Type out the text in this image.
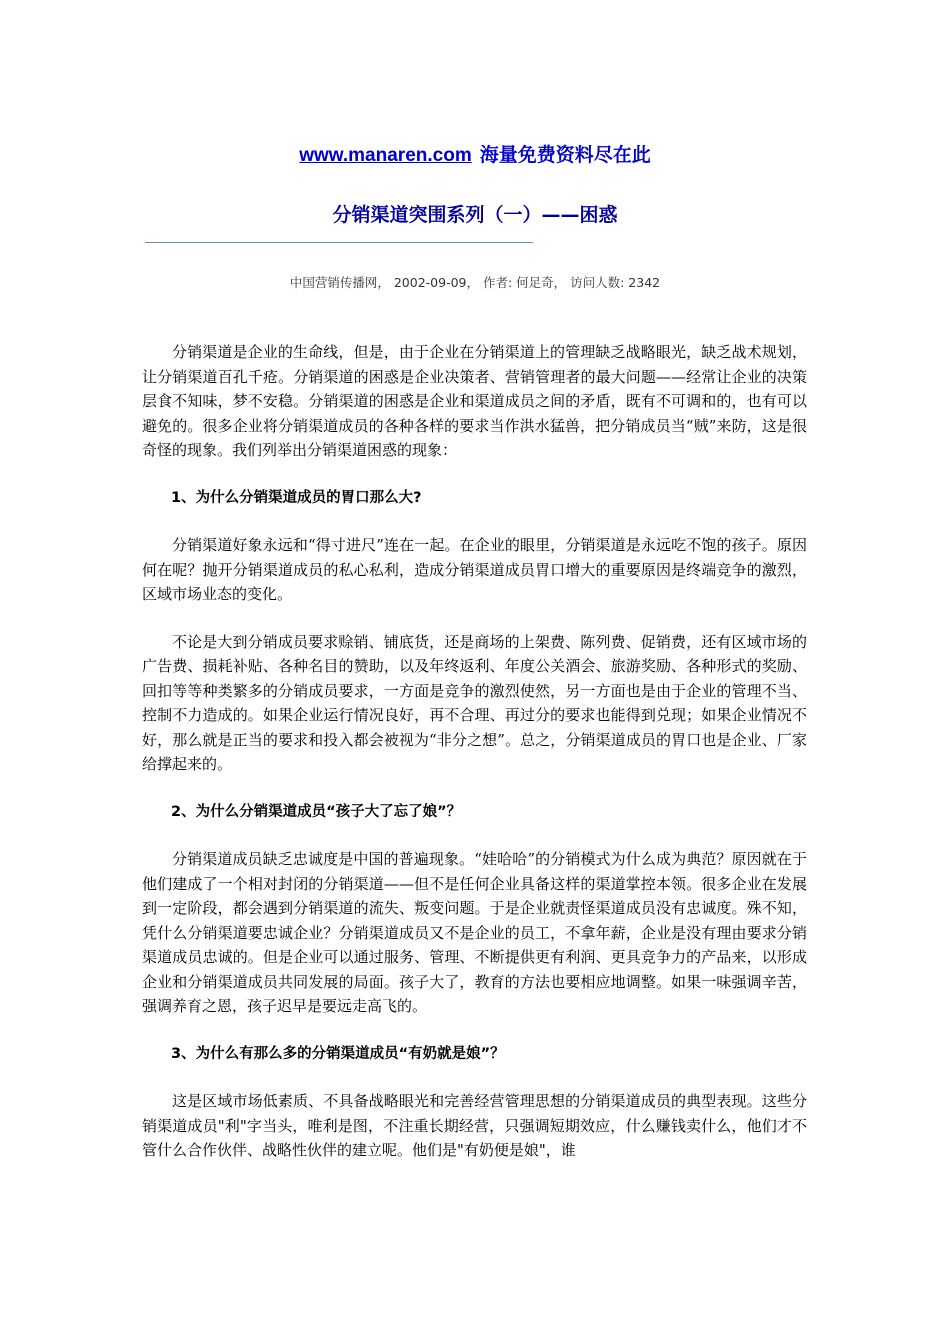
www.manaren.com 海量免费资料尽在此
分销渠道突围系列（一）——困惑
中国营销传播网， 2002-09-09， 作者: 何足奇， 访问人数: 2342

分销渠道是企业的生命线，但是，由于企业在分销渠道上的管理缺乏战略眼光，缺乏战术规划，让分销渠道百孔千疮。分销渠道的困惑是企业决策者、营销管理者的最大问题——经常让企业的决策层食不知味，梦不安稳。分销渠道的困惑是企业和渠道成员之间的矛盾，既有不可调和的，也有可以避免的。很多企业将分销渠道成员的各种各样的要求当作洪水猛兽，把分销成员当“贼”来防，这是很奇怪的现象。我们列举出分销渠道困惑的现象：

1、为什么分销渠道成员的胃口那么大?

分销渠道好象永远和“得寸进尺”连在一起。在企业的眼里，分销渠道是永远吃不饱的孩子。原因何在呢？抛开分销渠道成员的私心私利，造成分销渠道成员胃口增大的重要原因是终端竞争的激烈，区域市场业态的变化。

不论是大到分销成员要求赊销、铺底货，还是商场的上架费、陈列费、促销费，还有区域市场的广告费、损耗补贴、各种名目的赞助，以及年终返利、年度公关酒会、旅游奖励、各种形式的奖励、回扣等等种类繁多的分销成员要求，一方面是竞争的激烈使然，另一方面也是由于企业的管理不当、控制不力造成的。如果企业运行情况良好，再不合理、再过分的要求也能得到兑现；如果企业情况不好，那么就是正当的要求和投入都会被视为“非分之想”。总之，分销渠道成员的胃口也是企业、厂家给撑起来的。

2、为什么分销渠道成员“孩子大了忘了娘”？

分销渠道成员缺乏忠诚度是中国的普遍现象。“娃哈哈”的分销模式为什么成为典范？原因就在于他们建成了一个相对封闭的分销渠道——但不是任何企业具备这样的渠道掌控本领。很多企业在发展到一定阶段，都会遇到分销渠道的流失、叛变问题。于是企业就责怪渠道成员没有忠诚度。殊不知，凭什么分销渠道要忠诚企业？分销渠道成员又不是企业的员工，不拿年薪，企业是没有理由要求分销 渠道成员忠诚的。但是企业可以通过服务、管理、不断提供更有利润、更具竞争力的产品来，以形成企业和分销渠道成员共同发展的局面。孩子大了，教育的方法也要相应地调整。如果一味强调辛苦，强调养育之恩，孩子迟早是要远走高飞的。

3、为什么有那么多的分销渠道成员“有奶就是娘”？

这是区域市场低素质、不具备战略眼光和完善经营管理思想的分销渠道成员的典型表现。这些分销渠道成员"利"字当头，唯利是图，不注重长期经营，只强调短期效应，什么赚钱卖什么，他们才不管什么合作伙伴、战略性伙伴的建立呢。他们是"有奶便是娘"，谁
